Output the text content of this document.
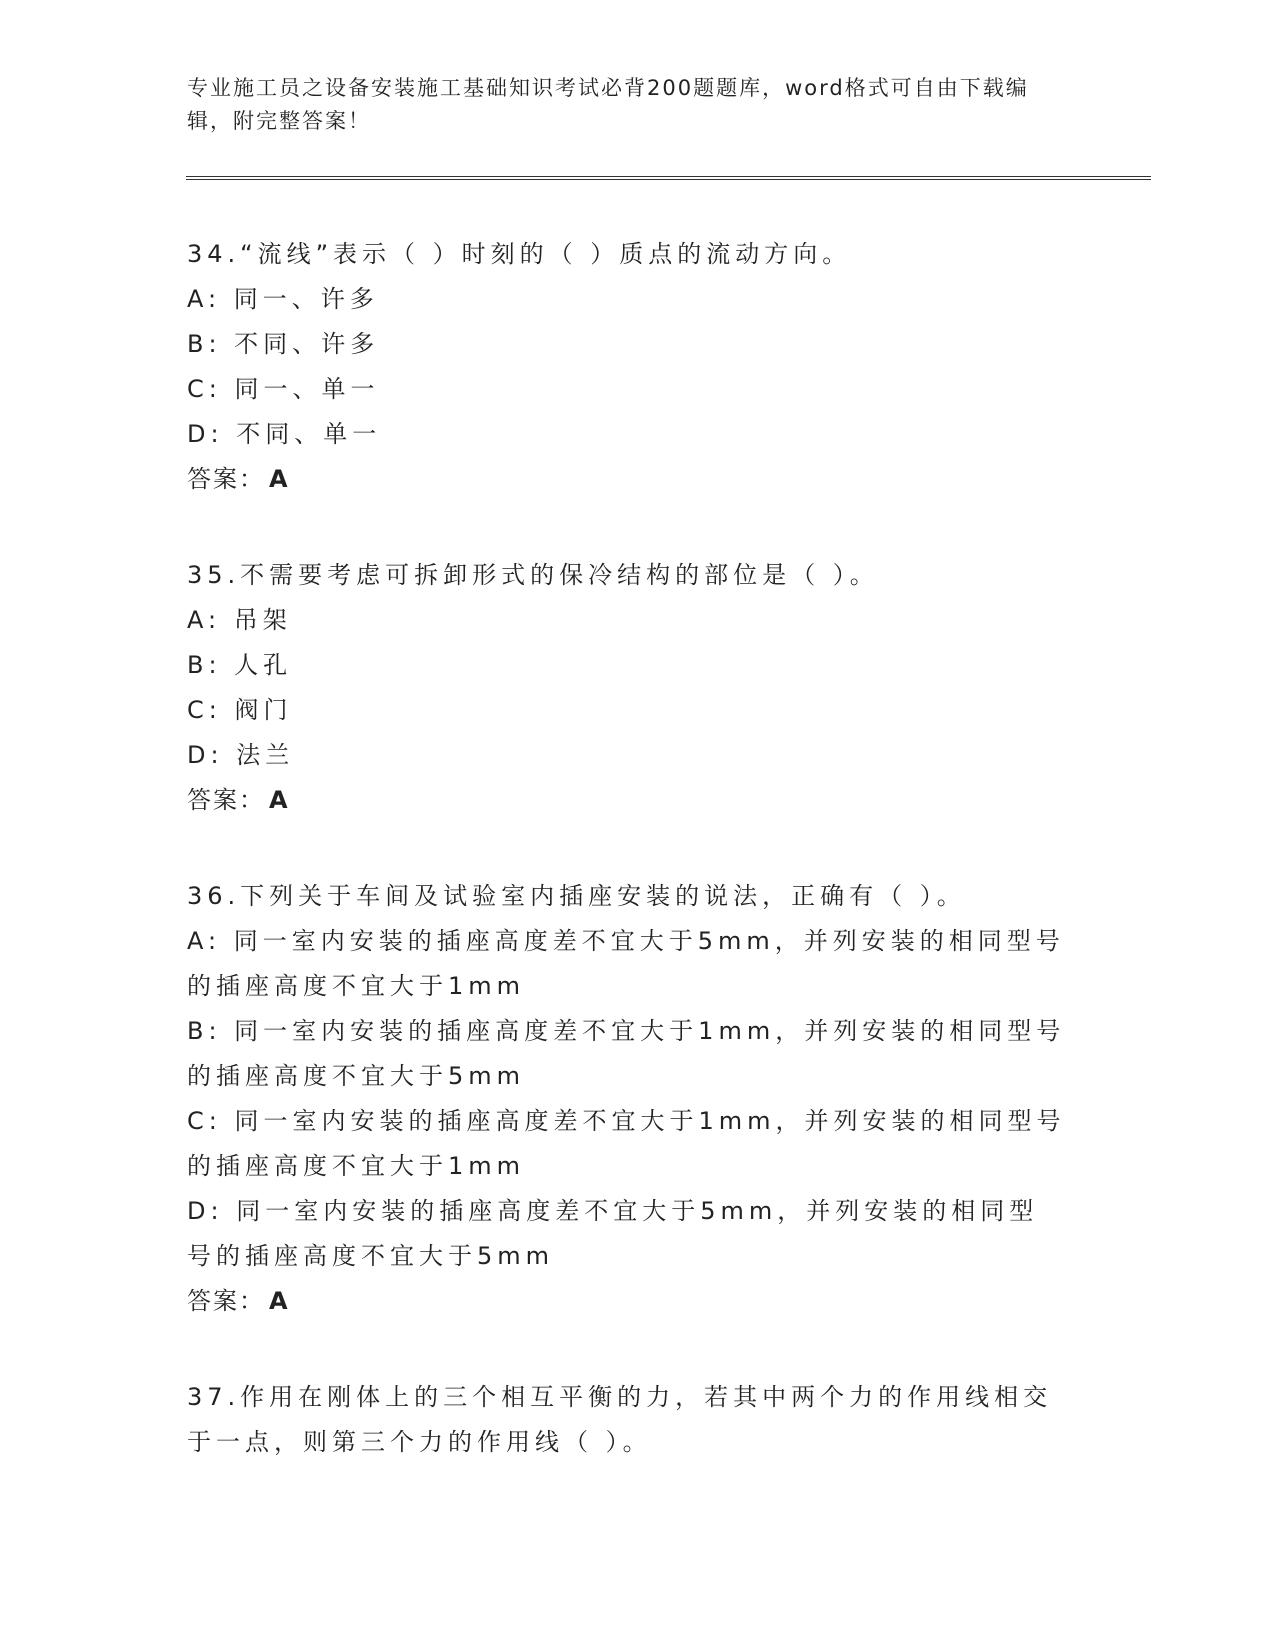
专业施工员之设备安装施工基础知识考试必背200题题库，word格式可自由下载编辑，附完整答案！
34.“流线”表示（ ）时刻的（ ）质点的流动方向。
A: 同一、许多
B: 不同、许多
C: 同一、单一
D: 不同、单一
答案： A
35.不需要考虑可拆卸形式的保冷结构的部位是（ ）。
A: 吊架
B: 人孔
C: 阀门
D: 法兰
答案： A
36.下列关于车间及试验室内插座安装的说法，正确有（ ）。
A: 同一室内安装的插座高度差不宜大于5mm，并列安装的相同型号的插座高度不宜大于1mm
B: 同一室内安装的插座高度差不宜大于1mm，并列安装的相同型号的插座高度不宜大于5mm
C: 同一室内安装的插座高度差不宜大于1mm，并列安装的相同型号的插座高度不宜大于1mm
D: 同一室内安装的插座高度差不宜大于5mm，并列安装的相同型号的插座高度不宜大于5mm
答案： A
37.作用在刚体上的三个相互平衡的力，若其中两个力的作用线相交于一点，则第三个力的作用线（ ）。
